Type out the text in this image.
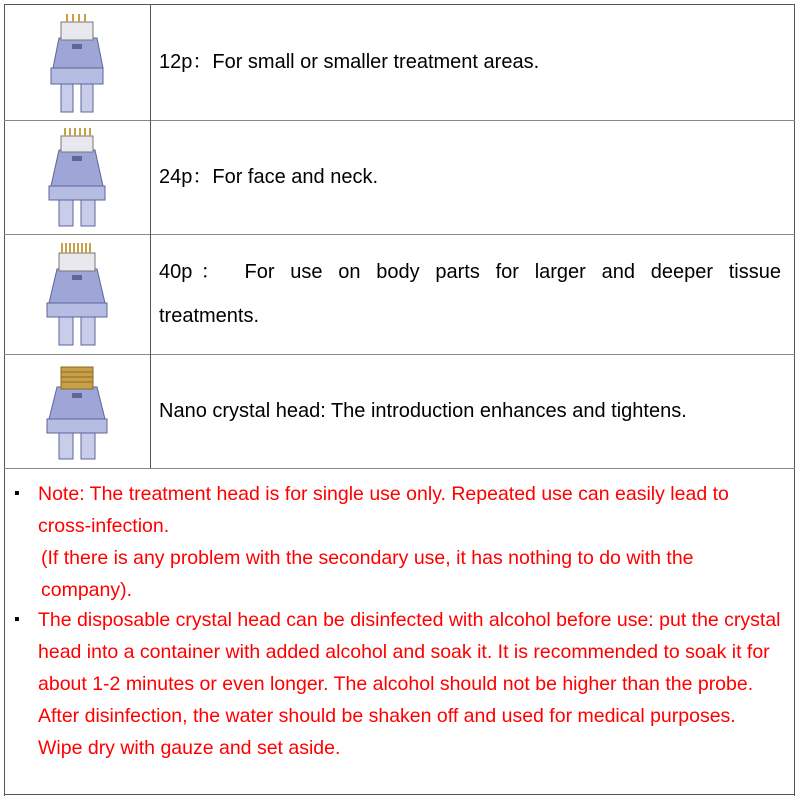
12p：For small or smaller treatment areas.
24p：For face and neck.
40p： For use on body parts for larger and deeper tissue treatments.
Nano crystal head: The introduction enhances and tightens.
▪ Note: The treatment head is for single use only. Repeated use can easily lead to cross-infection.

(If there is any problem with the secondary use, it has nothing to do with the company).

▪ The disposable crystal head can be disinfected with alcohol before use: put the crystal head into a container with added alcohol and soak it. It is recommended to soak it for about 1-2 minutes or even longer. The alcohol should not be higher than the probe. After disinfection, the water should be shaken off and used for medical purposes. Wipe dry with gauze and set aside.
